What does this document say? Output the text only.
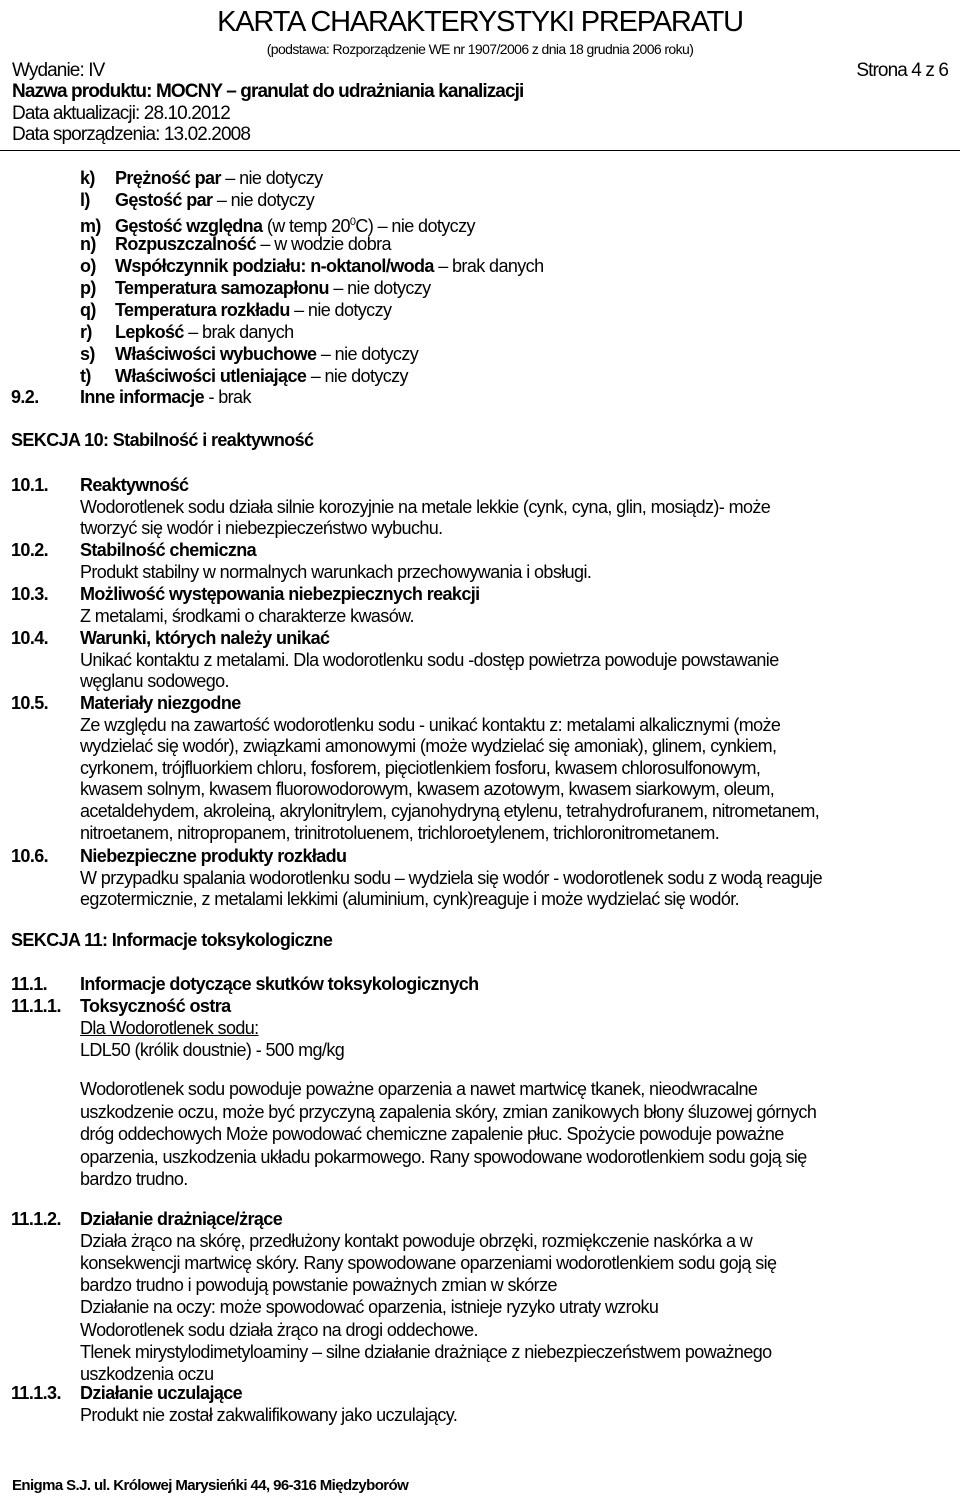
KARTA CHARAKTERYSTYKI PREPARATU
(podstawa: Rozporządzenie WE nr 1907/2006 z dnia 18 grudnia 2006 roku)
Wydanie: IV	Strona 4 z 6
Nazwa produktu: MOCNY – granulat do udrażniania kanalizacji
Data aktualizacji: 28.10.2012
Data sporządzenia: 13.02.2008
k) Prężność par – nie dotyczy
l) Gęstość par – nie dotyczy
m) Gęstość względna (w temp $20^0C$) – nie dotyczy
n) Rozpuszczalność – w wodzie dobra
o) Współczynnik podziału: n-oktanol/woda – brak danych
p) Temperatura samozapłonu – nie dotyczy
q) Temperatura rozkładu – nie dotyczy
r) Lepkość – brak danych
s) Właściwości wybuchowe – nie dotyczy
t) Właściwości utleniające – nie dotyczy
9.2. Inne informacje - brak
SEKCJA 10: Stabilność i reaktywność
10.1. Reaktywność
Wodorotlenek sodu działa silnie korozyjnie na metale lekkie (cynk, cyna, glin, mosiądz)- może
tworzyć się wodór i niebezpieczeństwo wybuchu.
10.2. Stabilność chemiczna
Produkt stabilny w normalnych warunkach przechowywania i obsługi.
10.3. Możliwość występowania niebezpiecznych reakcji
Z metalami, środkami o charakterze kwasów.
10.4. Warunki, których należy unikać
Unikać kontaktu z metalami. Dla wodorotlenku sodu -dostęp powietrza powoduje powstawanie
węglanu sodowego.
10.5. Materiały niezgodne
Ze względu na zawartość wodorotlenku sodu - unikać kontaktu z: metalami alkalicznymi (może
wydzielać się wodór), związkami amonowymi (może wydzielać się amoniak), glinem, cynkiem,
cyrkonem, trójfluorkiem chloru, fosforem, pięciotlenkiem fosforu, kwasem chlorosulfonowym,
kwasem solnym, kwasem fluorowodorowym, kwasem azotowym, kwasem siarkowym, oleum,
acetaldehydem, akroleiną, akrylonitrylem, cyjanohydryną etylenu, tetrahydrofuranem, nitrometanem,
nitroetanem, nitropropanem, trinitrotoluenem, trichloroetylenem, trichloronitrometanem.
10.6. Niebezpieczne produkty rozkładu
W przypadku spalania wodorotlenku sodu – wydziela się wodór - wodorotlenek sodu z wodą reaguje
egzotermicznie, z metalami lekkimi (aluminium, cynk)reaguje i może wydzielać się wodór.
SEKCJA 11: Informacje toksykologiczne
11.1. Informacje dotyczące skutków toksykologicznych
11.1.1. Toksyczność ostra
Dla Wodorotlenek sodu:
LDL50 (królik doustnie) - 500 mg/kg
Wodorotlenek sodu powoduje poważne oparzenia a nawet martwicę tkanek, nieodwracalne
uszkodzenie oczu, może być przyczyną zapalenia skóry, zmian zanikowych błony śluzowej górnych
dróg oddechowych Może powodować chemiczne zapalenie płuc. Spożycie powoduje poważne
oparzenia, uszkodzenia układu pokarmowego. Rany spowodowane wodorotlenkiem sodu goją się
bardzo trudno.
11.1.2. Działanie drażniące/żrące
Działa żrąco na skórę, przedłużony kontakt powoduje obrzęki, rozmiękczenie naskórka a w
konsekwencji martwicę skóry. Rany spowodowane oparzeniami wodorotlenkiem sodu goją się
bardzo trudno i powodują powstanie poważnych zmian w skórze
Działanie na oczy: może spowodować oparzenia, istnieje ryzyko utraty wzroku
Wodorotlenek sodu działa żrąco na drogi oddechowe.
Tlenek mirystylodimetyloaminy – silne działanie drażniące z niebezpieczeństwem poważnego
uszkodzenia oczu
11.1.3. Działanie uczulające
Produkt nie został zakwalifikowany jako uczulający.
Enigma S.J. ul. Królowej Marysieńki 44, 96-316 Międzyborów
